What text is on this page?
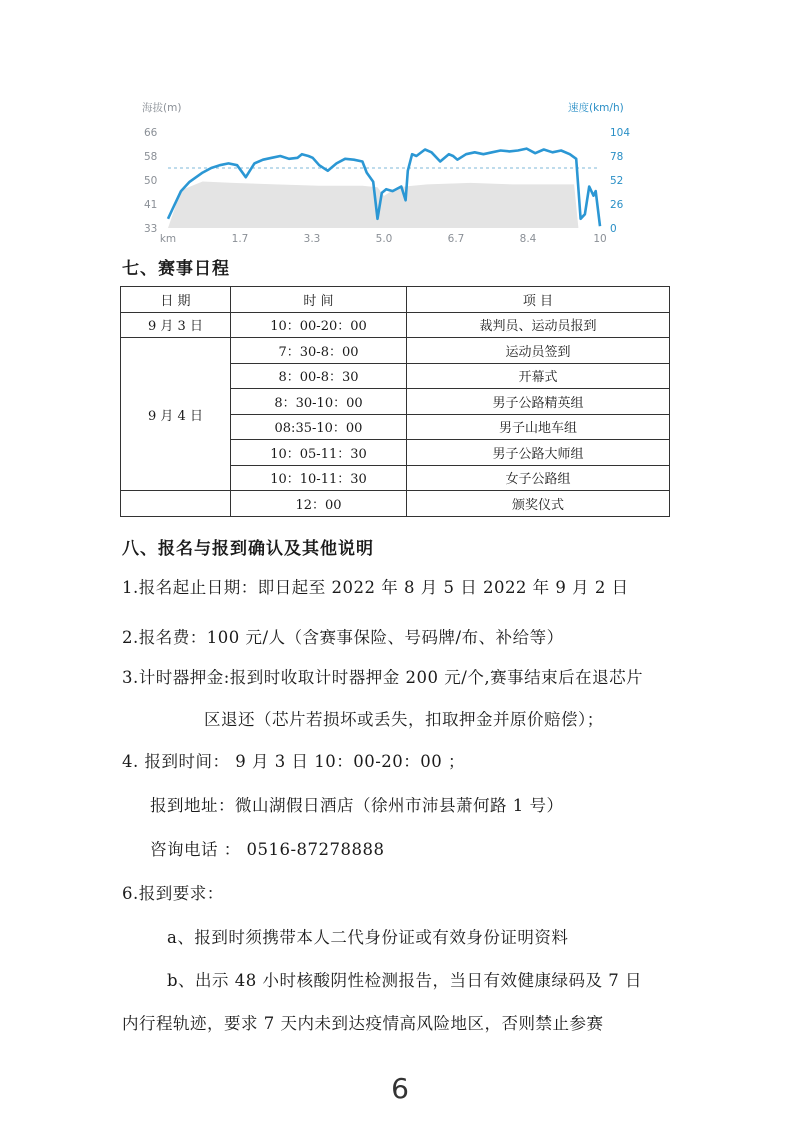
海拔(m)	速度(km/h)
66
58
50
41
33
104
78
52
26
0
km	1.7	3.3	5.0	6.7	8.4	10
七、赛事日程
日 期	时 间	项 目
9 月 3 日	10：00-20：00	裁判员、运动员报到
9 月 4 日	7：30-8：00	运动员签到
	8：00-8：30	开幕式
	8：30-10：00	男子公路精英组
	08:35-10：00	男子山地车组
	10：05-11：30	男子公路大师组
	10：10-11：30	女子公路组
	12：00	颁奖仪式
八、报名与报到确认及其他说明
1.报名起止日期：即日起至 2022 年 8 月 5 日 2022 年 9 月 2 日
2.报名费：100 元/人（含赛事保险、号码牌/布、补给等）
3.计时器押金:报到时收取计时器押金 200 元/个,赛事结束后在退芯片
区退还（芯片若损坏或丢失，扣取押金并原价赔偿）；
4. 报到时间： 9 月 3 日 10：00-20：00 ；
报到地址：微山湖假日酒店（徐州市沛县萧何路 1 号）
咨询电话 ： 0516-87278888
6.报到要求：
a、报到时须携带本人二代身份证或有效身份证明资料
b、出示 48 小时核酸阴性检测报告，当日有效健康绿码及 7 日
内行程轨迹，要求 7 天内未到达疫情高风险地区，否则禁止参赛
6
